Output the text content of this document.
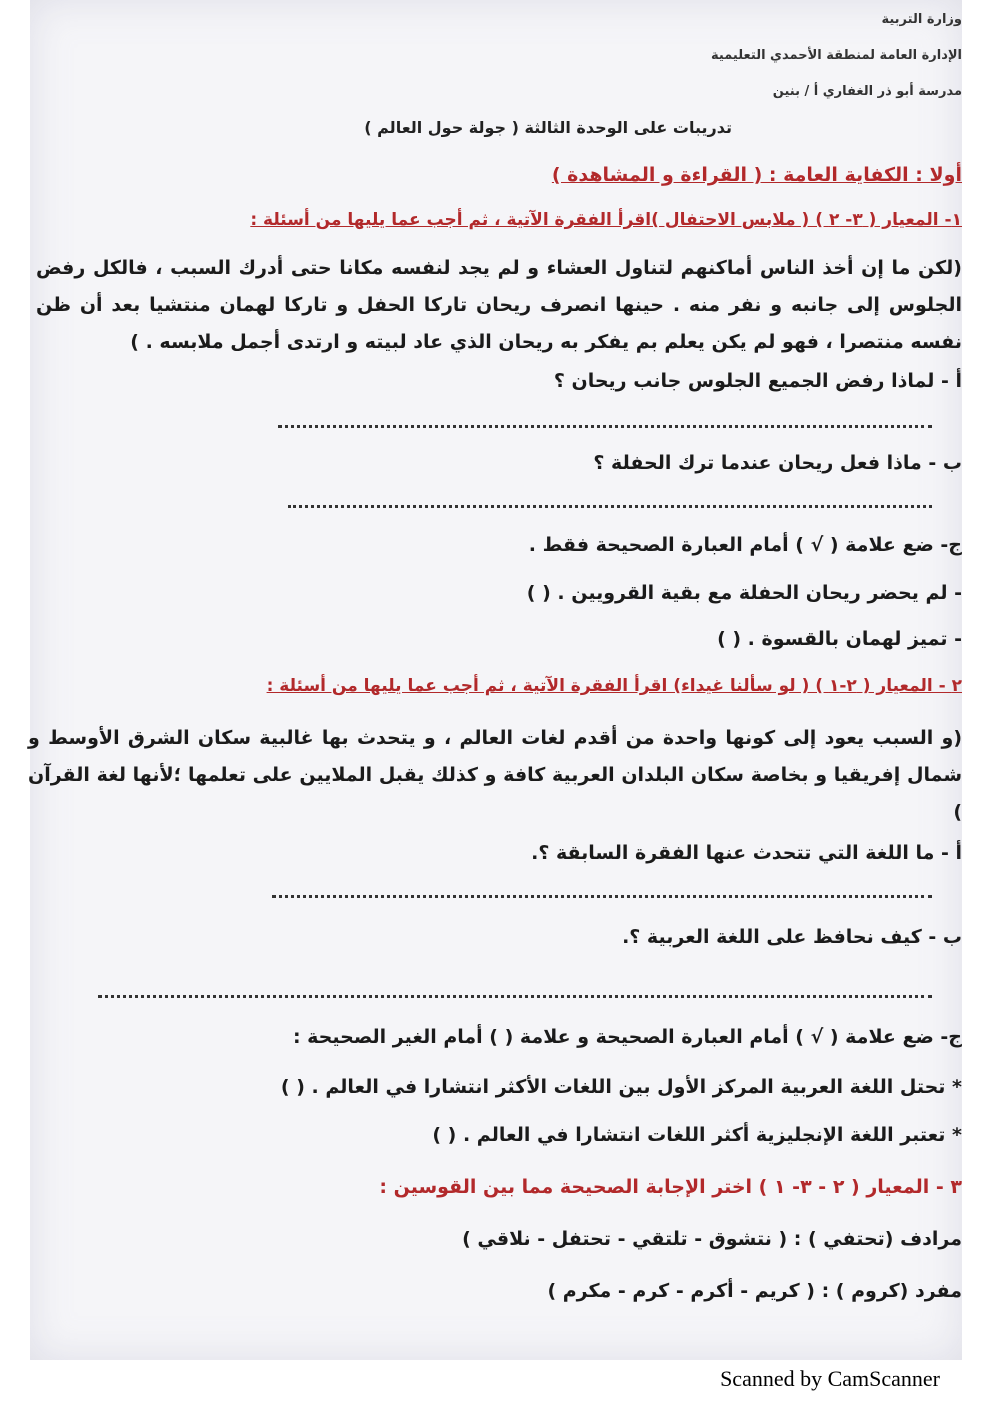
وزارة التربية
الإدارة العامة لمنطقة الأحمدي التعليمية
مدرسة أبو ذر الغفاري أ / بنين
تدريبات على الوحدة الثالثة ( جولة حول العالم )
أولا : الكفاية العامة : ( القراءة و المشاهدة )
١- المعيار ( ٣- ٢ ) ( ملابس الاحتفال )اقرأ الفقرة الآتية ، ثم أجب عما يليها من أسئلة :
(لكن ما إن أخذ الناس أماكنهم لتناول العشاء و لم يجد لنفسه مكانا حتى أدرك السبب ، فالكل رفض الجلوس إلى جانبه و نفر منه . حينها انصرف ريحان تاركا الحفل و تاركا لهمان منتشيا بعد أن ظن نفسه منتصرا ، فهو لم يكن يعلم بم يفكر به ريحان الذي عاد لبيته و ارتدى أجمل ملابسه . )
أ - لماذا رفض الجميع الجلوس جانب ريحان ؟
ب - ماذا فعل ريحان عندما ترك الحفلة ؟
ج- ضع علامة ( √ ) أمام العبارة الصحيحة فقط .
- لم يحضر ريحان الحفلة مع بقية القرويين . ( )
- تميز لهمان بالقسوة . ( )
٢ - المعيار ( ٢-١ ) ( لو سألنا غيداء) اقرأ الفقرة الآتية ، ثم أجب عما يليها من أسئلة :
(و السبب يعود إلى كونها واحدة من أقدم لغات العالم ، و يتحدث بها غالبية سكان الشرق الأوسط و شمال إفريقيا و بخاصة سكان البلدان العربية كافة و كذلك يقبل الملايين على تعلمها ؛لأنها لغة القرآن )
أ - ما اللغة التي تتحدث عنها الفقرة السابقة ؟.
ب - كيف نحافظ على اللغة العربية ؟.
ج- ضع علامة ( √ ) أمام العبارة الصحيحة و علامة ( ) أمام الغير الصحيحة :
* تحتل اللغة العربية المركز الأول بين اللغات الأكثر انتشارا في العالم . ( )
* تعتبر اللغة الإنجليزية أكثر اللغات انتشارا في العالم . ( )
٣ - المعيار ( ٢ - ٣- ١ ) اختر الإجابة الصحيحة مما بين القوسين :
مرادف (تحتفي ) : ( نتشوق - تلتقي - تحتفل - نلاقي )
مفرد (كروم ) : ( كريم - أكرم - كرم - مكرم )
Scanned by CamScanner
